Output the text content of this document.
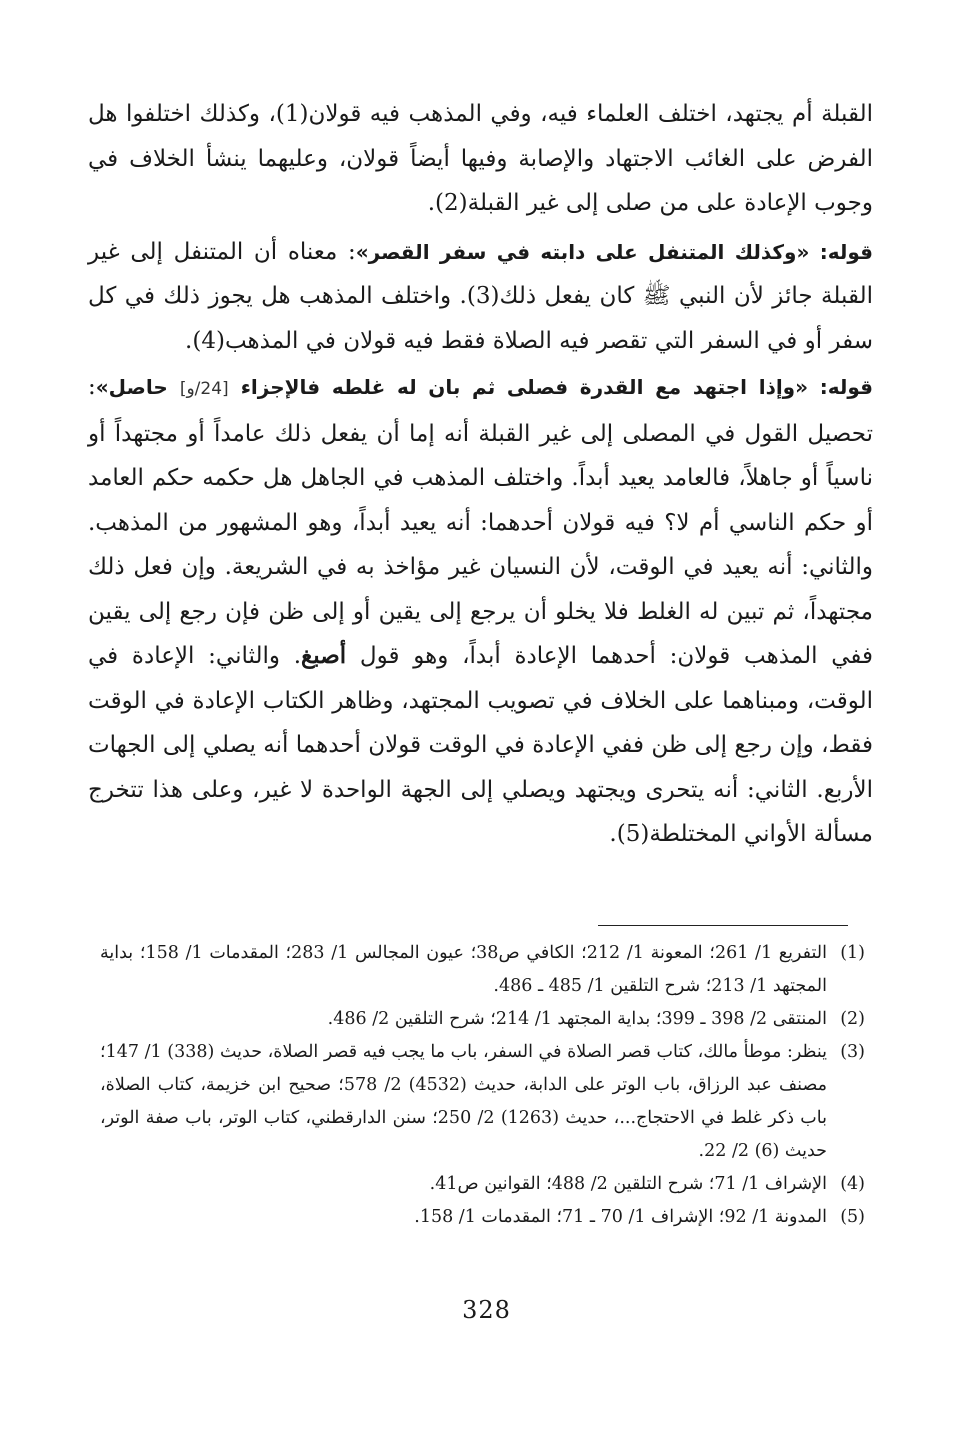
القبلة أم يجتهد، اختلف العلماء فيه، وفي المذهب فيه قولان(1)، وكذلك اختلفوا هل الفرض على الغائب الاجتهاد والإصابة وفيها أيضاً قولان، وعليهما ينشأ الخلاف في وجوب الإعادة على من صلى إلى غير القبلة(2).

قوله: «وكذلك المتنفل على دابته في سفر القصر»: معناه أن المتنفل إلى غير القبلة جائز لأن النبي ﷺ كان يفعل ذلك(3). واختلف المذهب هل يجوز ذلك في كل سفر أو في السفر التي تقصر فيه الصلاة فقط فيه قولان في المذهب(4).

قوله: «وإذا اجتهد مع القدرة فصلى ثم بان له غلطه فالإجزاء [24/و] حاصل»: تحصيل القول في المصلى إلى غير القبلة أنه إما أن يفعل ذلك عامداً أو مجتهداً أو ناسياً أو جاهلاً، فالعامد يعيد أبداً. واختلف المذهب في الجاهل هل حكمه حكم العامد أو حكم الناسي أم لا؟ فيه قولان أحدهما: أنه يعيد أبداً، وهو المشهور من المذهب. والثاني: أنه يعيد في الوقت، لأن النسيان غير مؤاخذ به في الشريعة. وإن فعل ذلك مجتهداً، ثم تبين له الغلط فلا يخلو أن يرجع إلى يقين أو إلى ظن فإن رجع إلى يقين ففي المذهب قولان: أحدهما الإعادة أبداً، وهو قول أصبغ. والثاني: الإعادة في الوقت، ومبناهما على الخلاف في تصويب المجتهد، وظاهر الكتاب الإعادة في الوقت فقط، وإن رجع إلى ظن ففي الإعادة في الوقت قولان أحدهما أنه يصلي إلى الجهات الأربع. الثاني: أنه يتحرى ويجتهد ويصلي إلى الجهة الواحدة لا غير، وعلى هذا تتخرج مسألة الأواني المختلطة(5).

(1)
التفريع 1/ 261؛ المعونة 1/ 212؛ الكافي ص38؛ عيون المجالس 1/ 283؛ المقدمات 1/ 158؛ بداية المجتهد 1/ 213؛ شرح التلقين 1/ 485 ـ 486.
(2)
المنتقى 2/ 398 ـ 399؛ بداية المجتهد 1/ 214؛ شرح التلقين 2/ 486.
(3)
ينظر: موطأ مالك، كتاب قصر الصلاة في السفر، باب ما يجب فيه قصر الصلاة، حديث (338) 1/ 147؛ مصنف عبد الرزاق، باب الوتر على الدابة، حديث (4532) 2/ 578؛ صحيح ابن خزيمة، كتاب الصلاة، باب ذكر غلط في الاحتجاج...، حديث (1263) 2/ 250؛ سنن الدارقطني، كتاب الوتر، باب صفة الوتر، حديث (6) 2/ 22.
(4)
الإشراف 1/ 71؛ شرح التلقين 2/ 488؛ القوانين ص41.
(5)
المدونة 1/ 92؛ الإشراف 1/ 70 ـ 71؛ المقدمات 1/ 158.
328
